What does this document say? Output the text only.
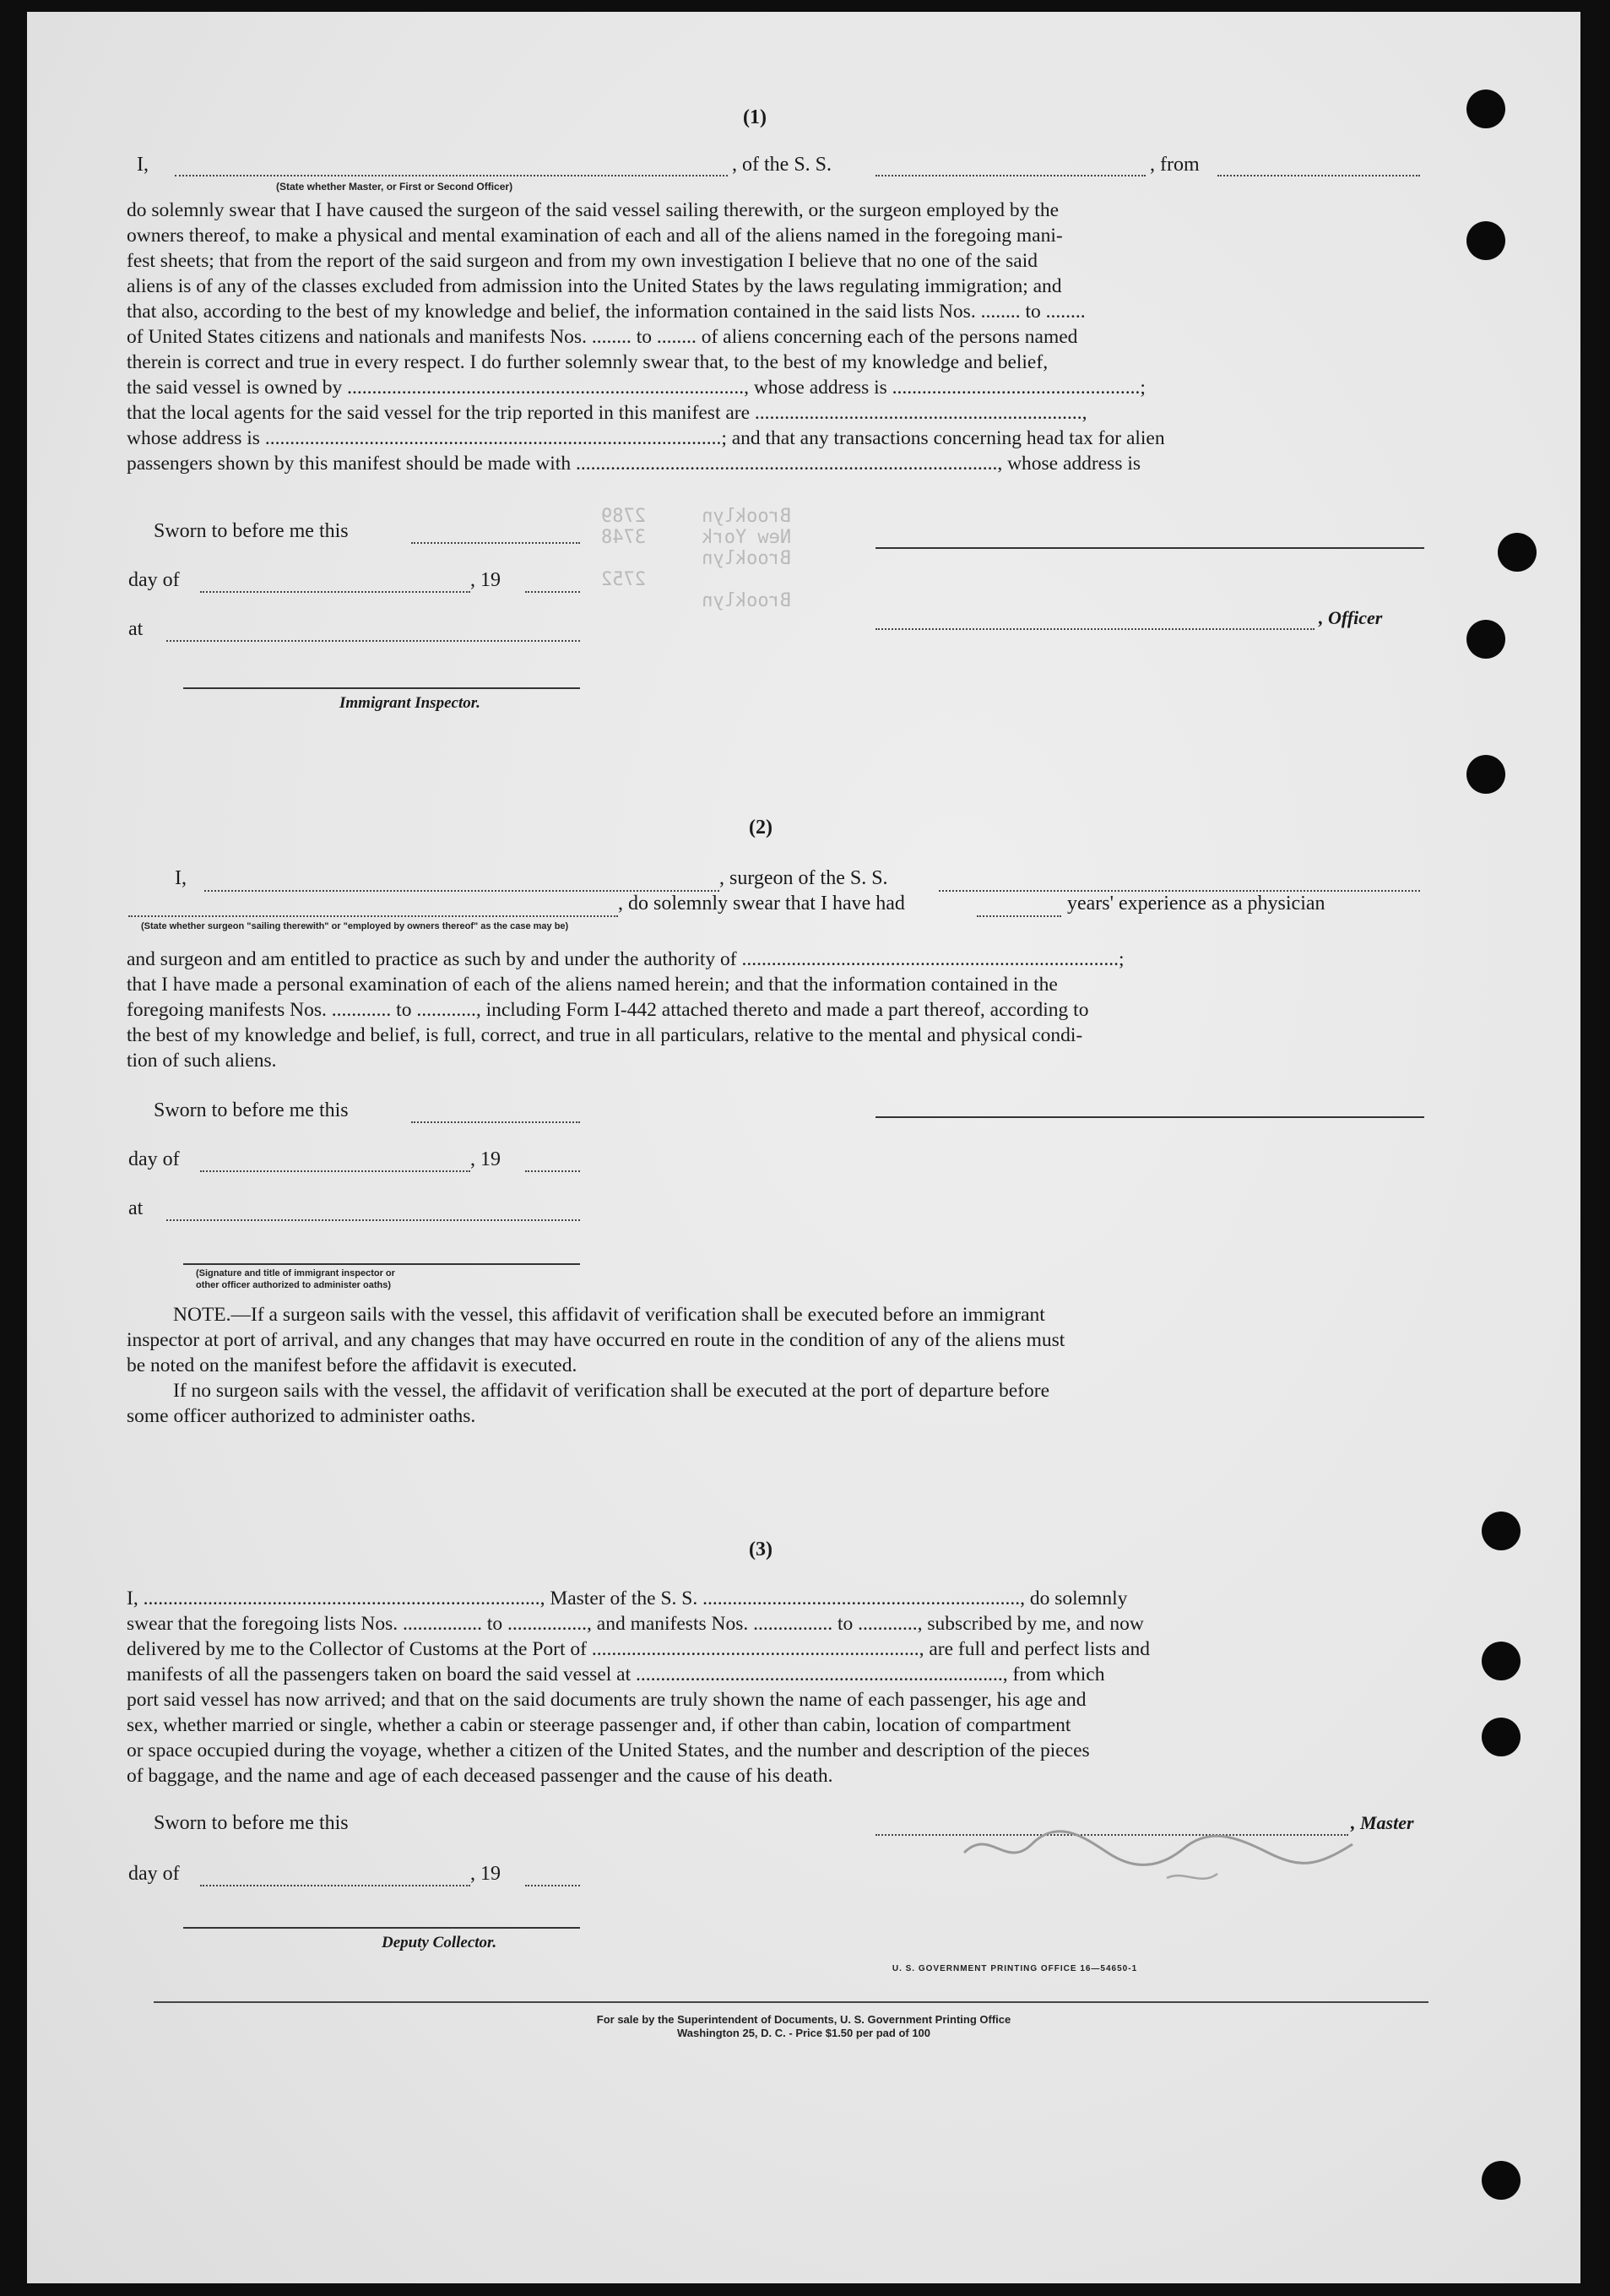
Brooklyn     2789
New York     3748
Brooklyn
2752
Brooklyn

(1)
I,	, of the S. S.	, from
(State whether Master, or First or Second Officer)
do solemnly swear that I have caused the surgeon of the said vessel sailing therewith, or the surgeon employed by the
owners thereof, to make a physical and mental examination of each and all of the aliens named in the foregoing mani-
fest sheets; that from the report of the said surgeon and from my own investigation I believe that no one of the said
aliens is of any of the classes excluded from admission into the United States by the laws regulating immigration; and
that also, according to the best of my knowledge and belief, the information contained in the said lists Nos. ........ to ........
of United States citizens and nationals and manifests Nos. ........ to ........ of aliens concerning each of the persons named
therein is correct and true in every respect. I do further solemnly swear that, to the best of my knowledge and belief,
the said vessel is owned by ................................................................................, whose address is ..................................................;
that the local agents for the said vessel for the trip reported in this manifest are ..................................................................,
whose address is ............................................................................................; and that any transactions concerning head tax for alien
passengers shown by this manifest should be made with ....................................................................................., whose address is
Sworn to before me this
day of	, 19
at
Immigrant Inspector.
, Officer
(2)
I,	, surgeon of the S. S.
, do solemnly swear that I have had	years' experience as a physician
(State whether surgeon "sailing therewith" or "employed by owners thereof" as the case may be)
and surgeon and am entitled to practice as such by and under the authority of ............................................................................;
that I have made a personal examination of each of the aliens named herein; and that the information contained in the
foregoing manifests Nos. ............ to ............, including Form I-442 attached thereto and made a part thereof, according to
the best of my knowledge and belief, is full, correct, and true in all particulars, relative to the mental and physical condi-
tion of such aliens.
Sworn to before me this
day of	, 19
at
(Signature and title of immigrant inspector or
other officer authorized to administer oaths)
NOTE.—If a surgeon sails with the vessel, this affidavit of verification shall be executed before an immigrant
inspector at port of arrival, and any changes that may have occurred en route in the condition of any of the aliens must
be noted on the manifest before the affidavit is executed.
If no surgeon sails with the vessel, the affidavit of verification shall be executed at the port of departure before
some officer authorized to administer oaths.
(3)
I, ................................................................................, Master of the S. S. ................................................................, do solemnly
swear that the foregoing lists Nos. ................ to ................, and manifests Nos. ................ to ............, subscribed by me, and now
delivered by me to the Collector of Customs at the Port of .................................................................., are full and perfect lists and
manifests of all the passengers taken on board the said vessel at .........................................................................., from which
port said vessel has now arrived; and that on the said documents are truly shown the name of each passenger, his age and
sex, whether married or single, whether a cabin or steerage passenger and, if other than cabin, location of compartment
or space occupied during the voyage, whether a citizen of the United States, and the number and description of the pieces
of baggage, and the name and age of each deceased passenger and the cause of his death.
Sworn to before me this
day of	, 19
Deputy Collector.
, Master
U. S. GOVERNMENT PRINTING OFFICE 16—54650-1
For sale by the Superintendent of Documents, U. S. Government Printing Office
Washington 25, D. C. - Price $1.50 per pad of 100
